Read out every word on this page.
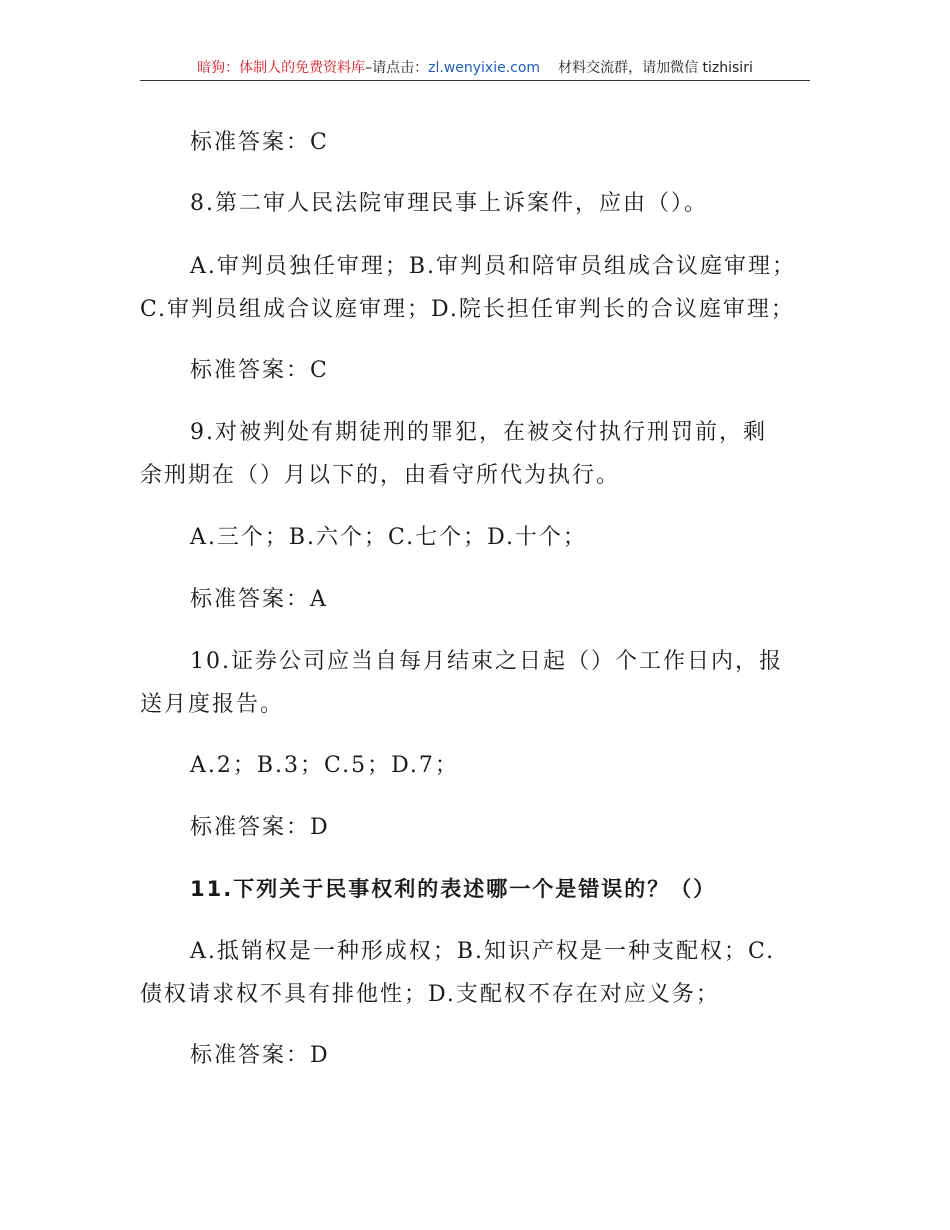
暗狗：体制人的免费资料库–请点击：zl.wenyixie.com 材料交流群，请加微信 tizhisiri
标准答案：C
8.第二审人民法院审理民事上诉案件，应由（）。
A.审判员独任审理；B.审判员和陪审员组成合议庭审理；
C.审判员组成合议庭审理；D.院长担任审判长的合议庭审理；
标准答案：C
9.对被判处有期徒刑的罪犯，在被交付执行刑罚前，剩
余刑期在（）月以下的，由看守所代为执行。
A.三个；B.六个；C.七个；D.十个；
标准答案：A
10.证券公司应当自每月结束之日起（）个工作日内，报
送月度报告。
A.2；B.3；C.5；D.7；
标准答案：D
11.下列关于民事权利的表述哪一个是错误的？（）
A.抵销权是一种形成权；B.知识产权是一种支配权；C.
债权请求权不具有排他性；D.支配权不存在对应义务；
标准答案：D
